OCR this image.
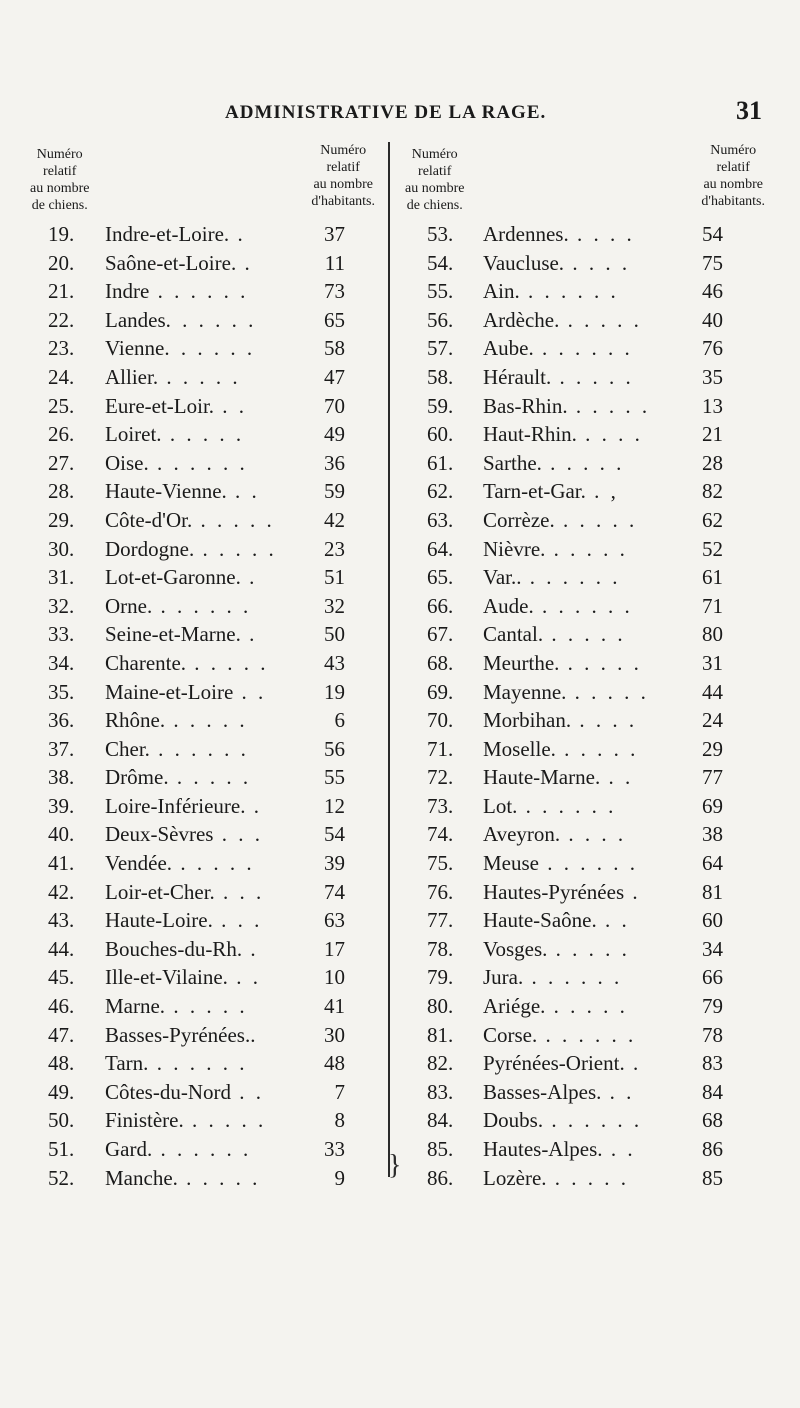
ADMINISTRATIVE DE LA RAGE.	31
Numéro
relatif
au nombre
de chiens.
Numéro
relatif
au nombre
d'habitants.
19.	Indre-et-Loire. .	37
20.	Saône-et-Loire. .	11
21.	Indre . . . . . .	73
22.	Landes. . . . . .	65
23.	Vienne. . . . . .	58
24.	Allier. . . . . .	47
25.	Eure-et-Loir. . .	70
26.	Loiret. . . . . .	49
27.	Oise. . . . . . .	36
28.	Haute-Vienne. . .	59
29.	Côte-d'Or. . . . . . 42
30.	Dordogne. . . . . . 23
31.	Lot-et-Garonne. .	51
32.	Orne. . . . . . .	32
33.	Seine-et-Marne. .	50
34.	Charente. . . . . .	43
35.	Maine-et-Loire . .	19
36.	Rhône. . . . . .	6
37.	Cher. . . . . . .	56
38.	Drôme. . . . . .	55
39.	Loire-Inférieure. .	12
40.	Deux-Sèvres . . .	54
41.	Vendée. . . . . .	39
42.	Loir-et-Cher. . . .	74
43.	Haute-Loire. . . .	63
44.	Bouches-du-Rh. .	17
45.	Ille-et-Vilaine. . .	10
46.	Marne. . . . . .	41
47.	Basses-Pyrénées..	30
48.	Tarn. . . . . . .	48
49.	Côtes-du-Nord . .	7
50.	Finistère. . . . . .	8
51.	Gard. . . . . . .	33
52.	Manche. . . . . .	9 }
Numéro
relatif
au nombre
de chiens.
Numéro
relatif
au nombre
d'habitants.
53.	Ardennes. . . . .	54
54.	Vaucluse. . . . .	75
55.	Ain. . . . . . .	46
56.	Ardèche. . . . . .	40
57.	Aube. . . . . . .	76
58.	Hérault. . . . . .	35
59.	Bas-Rhin. . . . . . 13
60.	Haut-Rhin. . . . .	21
61.	Sarthe. . . . . .	28
62.	Tarn-et-Gar. . ,	82
63.	Corrèze. . . . . .	62
64.	Nièvre. . . . . .	52
65.	Var.. . . . . . .	61
66.	Aude. . . . . . .	71
67.	Cantal. . . . . .	80
68.	Meurthe. . . . . .	31
69.	Mayenne. . . . . .	44
70.	Morbihan. . . . .	24
71.	Moselle. . . . . .	29
72.	Haute-Marne. . .	77
73.	Lot. . . . . . .	69
74.	Aveyron. . . . .	38
75.	Meuse . . . . . .	64
76.	Hautes-Pyrénées .	81
77.	Haute-Saône. . .	60
78.	Vosges. . . . . .	34
79.	Jura. . . . . . .	66
80.	Ariége. . . . . .	79
81.	Corse. . . . . . .	78
82.	Pyrénées-Orient. .	83
83.	Basses-Alpes. . .	84
84.	Doubs. . . . . . .	68
85.	Hautes-Alpes. . .	86
86.	Lozère. . . . . .	85
